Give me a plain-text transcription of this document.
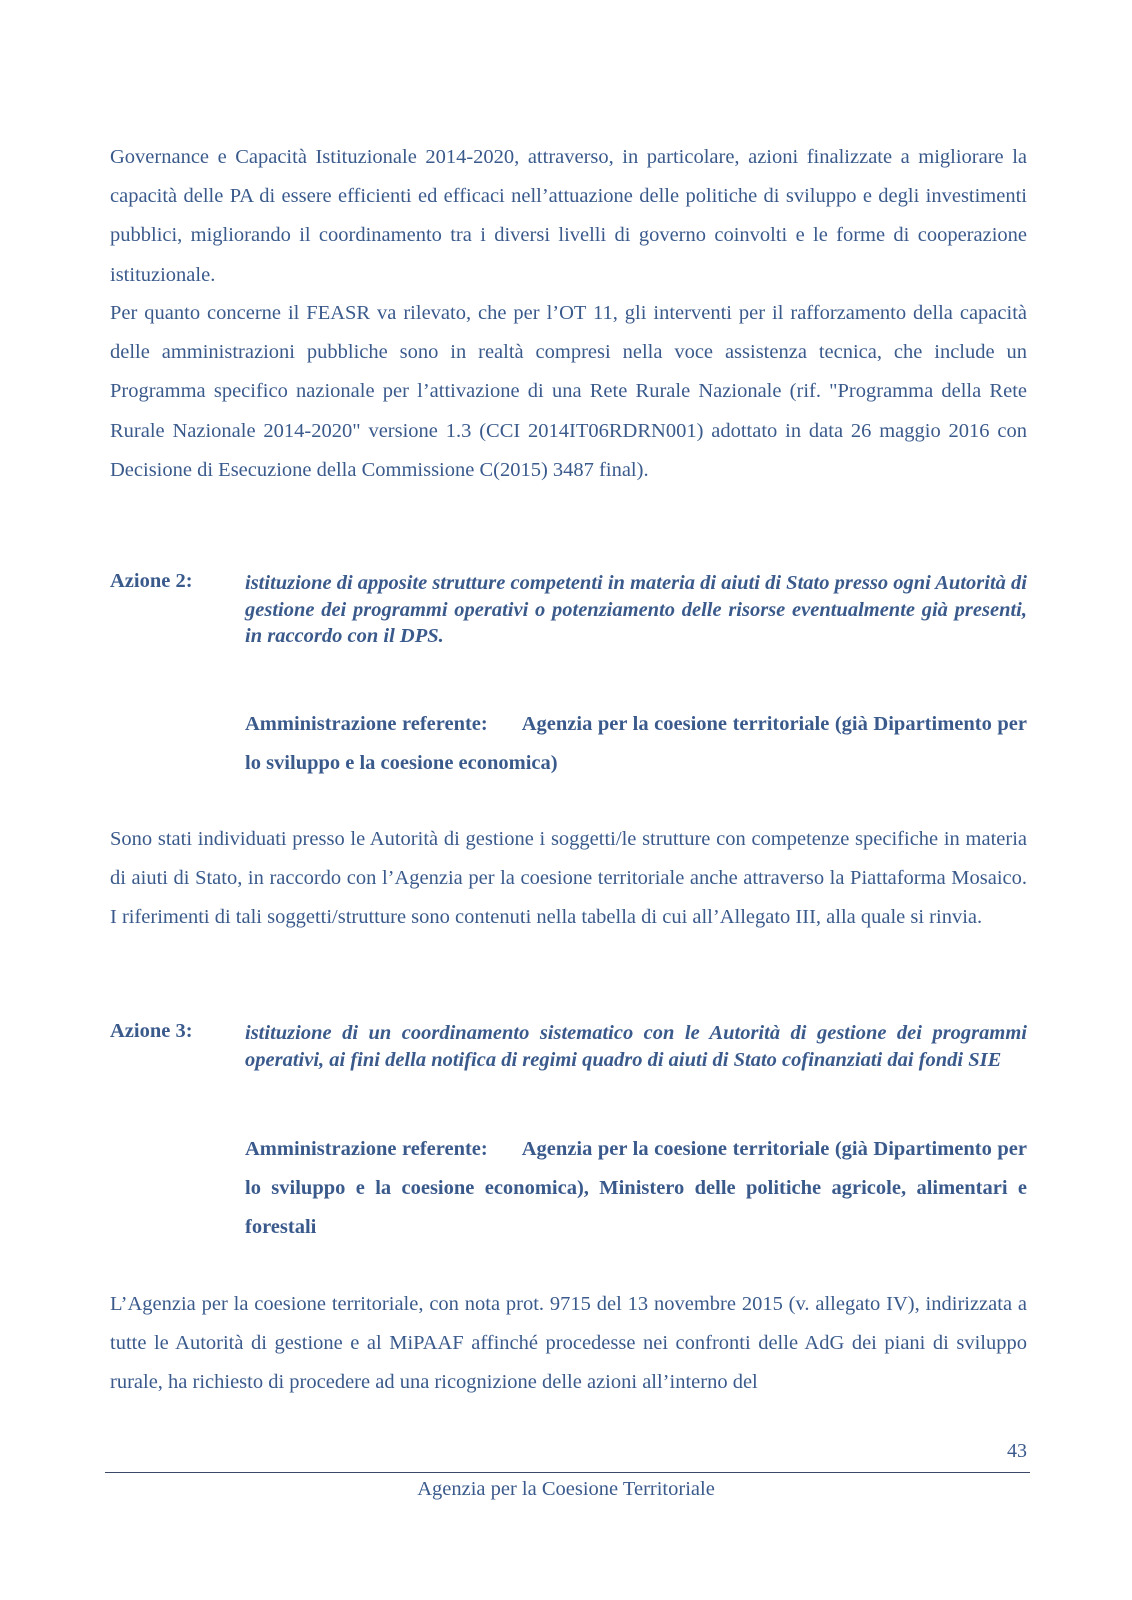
Governance e Capacità Istituzionale 2014-2020, attraverso, in particolare, azioni finalizzate a migliorare la capacità delle PA di essere efficienti ed efficaci nell’attuazione delle politiche di sviluppo e degli investimenti pubblici, migliorando il coordinamento tra i diversi livelli di governo coinvolti e le forme di cooperazione istituzionale.

Per quanto concerne il FEASR va rilevato, che per l’OT 11, gli interventi per il rafforzamento della capacità delle amministrazioni pubbliche sono in realtà compresi nella voce assistenza tecnica, che include un Programma specifico nazionale per l’attivazione di una Rete Rurale Nazionale (rif. "Programma della Rete Rurale Nazionale 2014-2020" versione 1.3 (CCI 2014IT06RDRN001) adottato in data 26 maggio 2016 con Decisione di Esecuzione della Commissione C(2015) 3487 final).

Azione 2:	istituzione di apposite strutture competenti in materia di aiuti di Stato presso ogni Autorità di gestione dei programmi operativi o potenziamento delle risorse eventualmente già presenti, in raccordo con il DPS.

Amministrazione referente: Agenzia per la coesione territoriale (già Dipartimento per lo sviluppo e la coesione economica)

Sono stati individuati presso le Autorità di gestione i soggetti/le strutture con competenze specifiche in materia di aiuti di Stato, in raccordo con l’Agenzia per la coesione territoriale anche attraverso la Piattaforma Mosaico. I riferimenti di tali soggetti/strutture sono contenuti nella tabella di cui all’Allegato III, alla quale si rinvia.

Azione 3:	istituzione di un coordinamento sistematico con le Autorità di gestione dei programmi operativi, ai fini della notifica di regimi quadro di aiuti di Stato cofinanziati dai fondi SIE

Amministrazione referente: Agenzia per la coesione territoriale (già Dipartimento per lo sviluppo e la coesione economica), Ministero delle politiche agricole, alimentari e forestali

L’Agenzia per la coesione territoriale, con nota prot. 9715 del 13 novembre 2015 (v. allegato IV), indirizzata a tutte le Autorità di gestione e al MiPAAF affinché procedesse nei confronti delle AdG dei piani di sviluppo rurale, ha richiesto di procedere ad una ricognizione delle azioni all’interno del

43
Agenzia per la Coesione Territoriale
